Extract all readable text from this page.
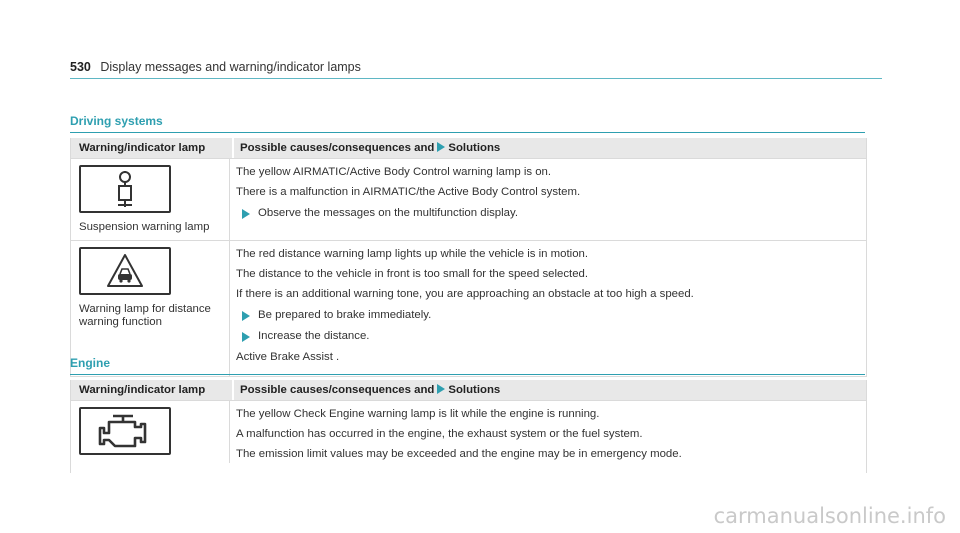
530 Display messages and warning/indicator lamps
Driving systems
Warning/indicator lamp	Possible causes/consequences and Solutions
Suspension warning lamp

The yellow AIRMATIC/Active Body Control warning lamp is on.

There is a malfunction in AIRMATIC/the Active Body Control system.

Observe the messages on the multifunction display.
Warning lamp for distance
warning function

The red distance warning lamp lights up while the vehicle is in motion.

The distance to the vehicle in front is too small for the speed selected.

If there is an additional warning tone, you are approaching an obstacle at too high a speed.

Be prepared to brake immediately.
Increase the distance.

Active Brake Assist .

Engine
Warning/indicator lamp	Possible causes/consequences and Solutions

The yellow Check Engine warning lamp is lit while the engine is running.

A malfunction has occurred in the engine, the exhaust system or the fuel system.

The emission limit values may be exceeded and the engine may be in emergency mode.

carmanualsonline.info
